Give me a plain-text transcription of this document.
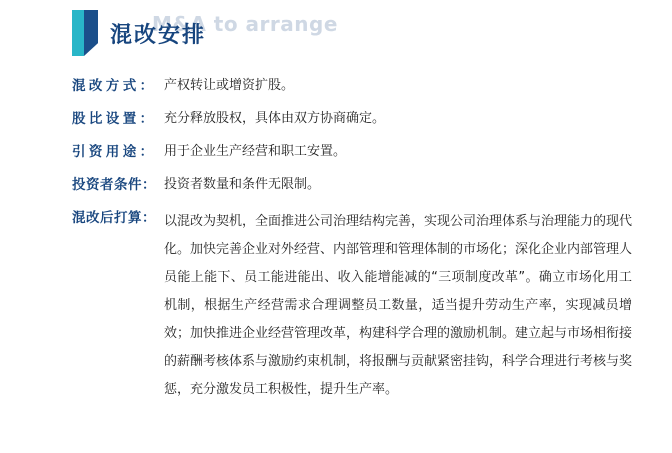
M&A to arrange
混改安排
混改方式： 产权转让或增资扩股。
股比设置： 充分释放股权，具体由双方协商确定。
引资用途： 用于企业生产经营和职工安置。
投资者条件： 投资者数量和条件无限制。
混改后打算： 以混改为契机，全面推进公司治理结构完善，实现公司治理体系与治理能力的现代化。加快完善企业对外经营、内部管理和管理体制的市场化；深化企业内部管理人员能上能下、员工能进能出、收入能增能减的“三项制度改革”。确立市场化用工机制，根据生产经营需求合理调整员工数量，适当提升劳动生产率，实现减员增效；加快推进企业经营管理改革，构建科学合理的激励机制。建立起与市场相衔接的薪酬考核体系与激励约束机制，将报酬与贡献紧密挂钩，科学合理进行考核与奖惩，充分激发员工积极性，提升生产率。
